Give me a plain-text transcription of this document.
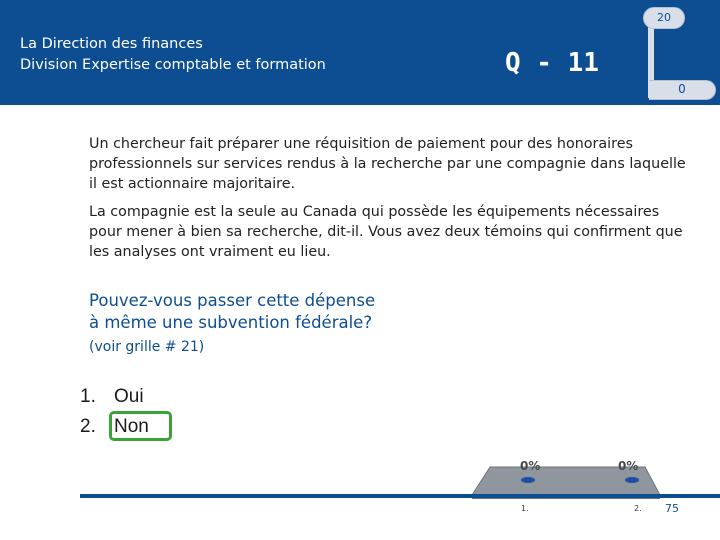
La Direction des finances
Division Expertise comptable et formation	Q - 11
20
0

Un chercheur fait préparer une réquisition de paiement pour des honoraires professionnels sur services rendus à la recherche par une compagnie dans laquelle il est actionnaire majoritaire.

La compagnie est la seule au Canada qui possède les équipements nécessaires pour mener à bien sa recherche, dit-il. Vous avez deux témoins qui confirment que les analyses ont vraiment eu lieu.

Pouvez-vous passer cette dépense
à même une subvention fédérale?
(voir grille # 21)
1. Oui
2. Non
0%	0%
1.	2. 75
